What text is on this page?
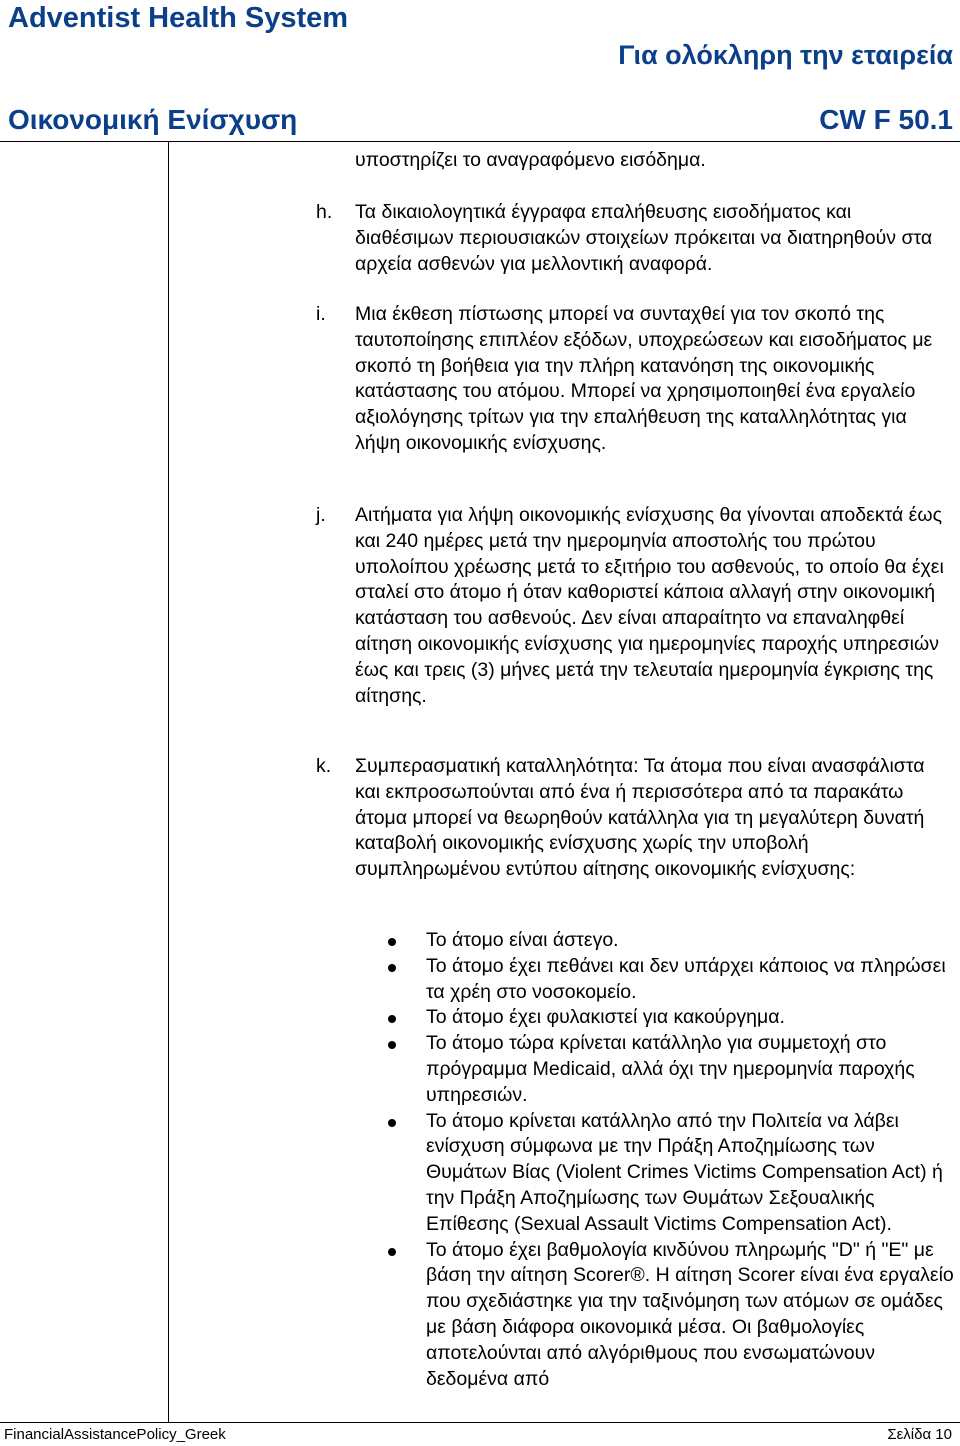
Adventist Health System
Για ολόκληρη την εταιρεία
Οικονομική Ενίσχυση	CW F 50.1

υποστηρίζει το αναγραφόμενο εισόδημα.

h. Τα δικαιολογητικά έγγραφα επαλήθευσης εισοδήματος και διαθέσιμων περιουσιακών στοιχείων πρόκειται να διατηρηθούν στα αρχεία ασθενών για μελλοντική αναφορά.

i. Μια έκθεση πίστωσης μπορεί να συνταχθεί για τον σκοπό της ταυτοποίησης επιπλέον εξόδων, υποχρεώσεων και εισοδήματος με σκοπό τη βοήθεια για την πλήρη κατανόηση της οικονομικής κατάστασης του ατόμου. Μπορεί να χρησιμοποιηθεί ένα εργαλείο αξιολόγησης τρίτων για την επαλήθευση της καταλληλότητας για λήψη οικονομικής ενίσχυσης.

j. Αιτήματα για λήψη οικονομικής ενίσχυσης θα γίνονται αποδεκτά έως και 240 ημέρες μετά την ημερομηνία αποστολής του πρώτου υπολοίπου χρέωσης μετά το εξιτήριο του ασθενούς, το οποίο θα έχει σταλεί στο άτομο ή όταν καθοριστεί κάποια αλλαγή στην οικονομική κατάσταση του ασθενούς. Δεν είναι απαραίτητο να επαναληφθεί αίτηση οικονομικής ενίσχυσης για ημερομηνίες παροχής υπηρεσιών έως και τρεις (3) μήνες μετά την τελευταία ημερομηνία έγκρισης της αίτησης.

k. Συμπερασματική καταλληλότητα: Τα άτομα που είναι ανασφάλιστα και εκπροσωπούνται από ένα ή περισσότερα από τα παρακάτω άτομα μπορεί να θεωρηθούν κατάλληλα για τη μεγαλύτερη δυνατή καταβολή οικονομικής ενίσχυσης χωρίς την υποβολή συμπληρωμένου εντύπου αίτησης οικονομικής ενίσχυσης:

Το άτομο είναι άστεγο.
Το άτομο έχει πεθάνει και δεν υπάρχει κάποιος να πληρώσει τα χρέη στο νοσοκομείο.
Το άτομο έχει φυλακιστεί για κακούργημα.
Το άτομο τώρα κρίνεται κατάλληλο για συμμετοχή στο πρόγραμμα Medicaid, αλλά όχι την ημερομηνία παροχής υπηρεσιών.
Το άτομο κρίνεται κατάλληλο από την Πολιτεία να λάβει ενίσχυση σύμφωνα με την Πράξη Αποζημίωσης των Θυμάτων Βίας (Violent Crimes Victims Compensation Act) ή την Πράξη Αποζημίωσης των Θυμάτων Σεξουαλικής Επίθεσης (Sexual Assault Victims Compensation Act).
Το άτομο έχει βαθμολογία κινδύνου πληρωμής "D" ή "E" με βάση την αίτηση Scorer®. Η αίτηση Scorer είναι ένα εργαλείο που σχεδιάστηκε για την ταξινόμηση των ατόμων σε ομάδες με βάση διάφορα οικονομικά μέσα. Οι βαθμολογίες αποτελούνται από αλγόριθμους που ενσωματώνουν δεδομένα από
FinancialAssistancePolicy_Greek	Σελίδα 10
